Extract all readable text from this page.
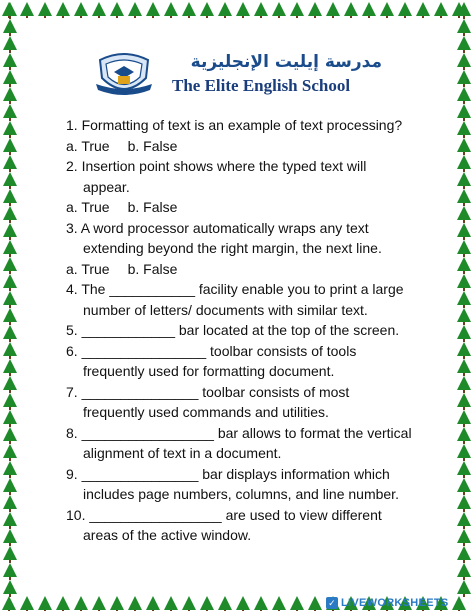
مدرسة إيليت الإنجليزية
The Elite English School
1. Formatting of text is an example of text processing?
a. True b. False
2. Insertion point shows where the typed text will
appear.
a. True b. False
3. A word processor automatically wraps any text
extending beyond the right margin, the next line.
a. True b. False
4. The ___________ facility enable you to print a large
number of letters/ documents with similar text.
5. ____________ bar located at the top of the screen.
6. ________________ toolbar consists of tools
frequently used for formatting document.
7. _______________ toolbar consists of most
frequently used commands and utilities.
8. _________________ bar allows to format the vertical
alignment of text in a document.
9. _______________ bar displays information which
includes page numbers, columns, and line number.
10. _________________ are used to view different
areas of the active window.
✓ LIVEWORKSHEETS
